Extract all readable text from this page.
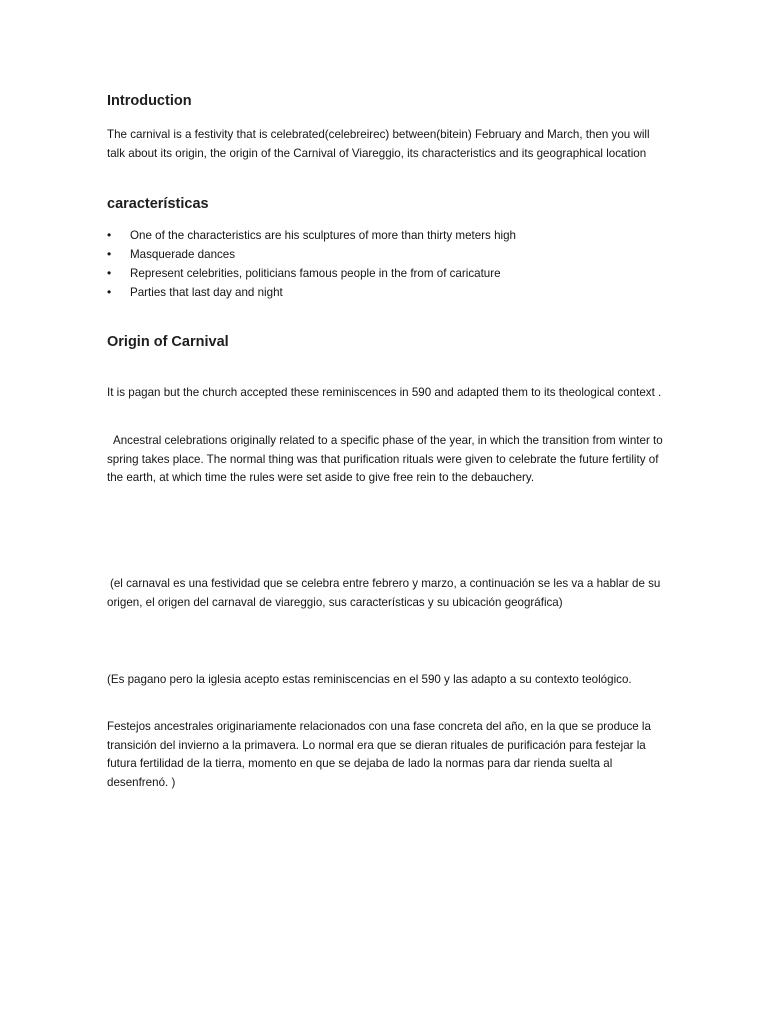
Introduction

The carnival is a festivity that is celebrated(celebreirec) between(bitein) February and March, then you will talk about its origin, the origin of the Carnival of Viareggio, its characteristics and its geographical location

características
• One of the characteristics are his sculptures of more than thirty meters high
• Masquerade dances
• Represent celebrities, politicians famous people in the from of caricature
• Parties that last day and night
Origin of Carnival

It is pagan but the church accepted these reminiscences in 590 and adapted them to its theological context .

Ancestral celebrations originally related to a specific phase of the year, in which the transition from winter to spring takes place. The normal thing was that purification rituals were given to celebrate the future fertility of the earth, at which time the rules were set aside to give free rein to the debauchery.

(el carnaval es una festividad que se celebra entre febrero y marzo, a continuación se les va a hablar de su origen, el origen del carnaval de viareggio, sus características y su ubicación geográfica)

(Es pagano pero la iglesia acepto estas reminiscencias en el 590 y las adapto a su contexto teológico.

Festejos ancestrales originariamente relacionados con una fase concreta del año, en la que se produce la transición del invierno a la primavera. Lo normal era que se dieran rituales de purificación para festejar la futura fertilidad de la tierra, momento en que se dejaba de lado la normas para dar rienda suelta al desenfrenó. )
